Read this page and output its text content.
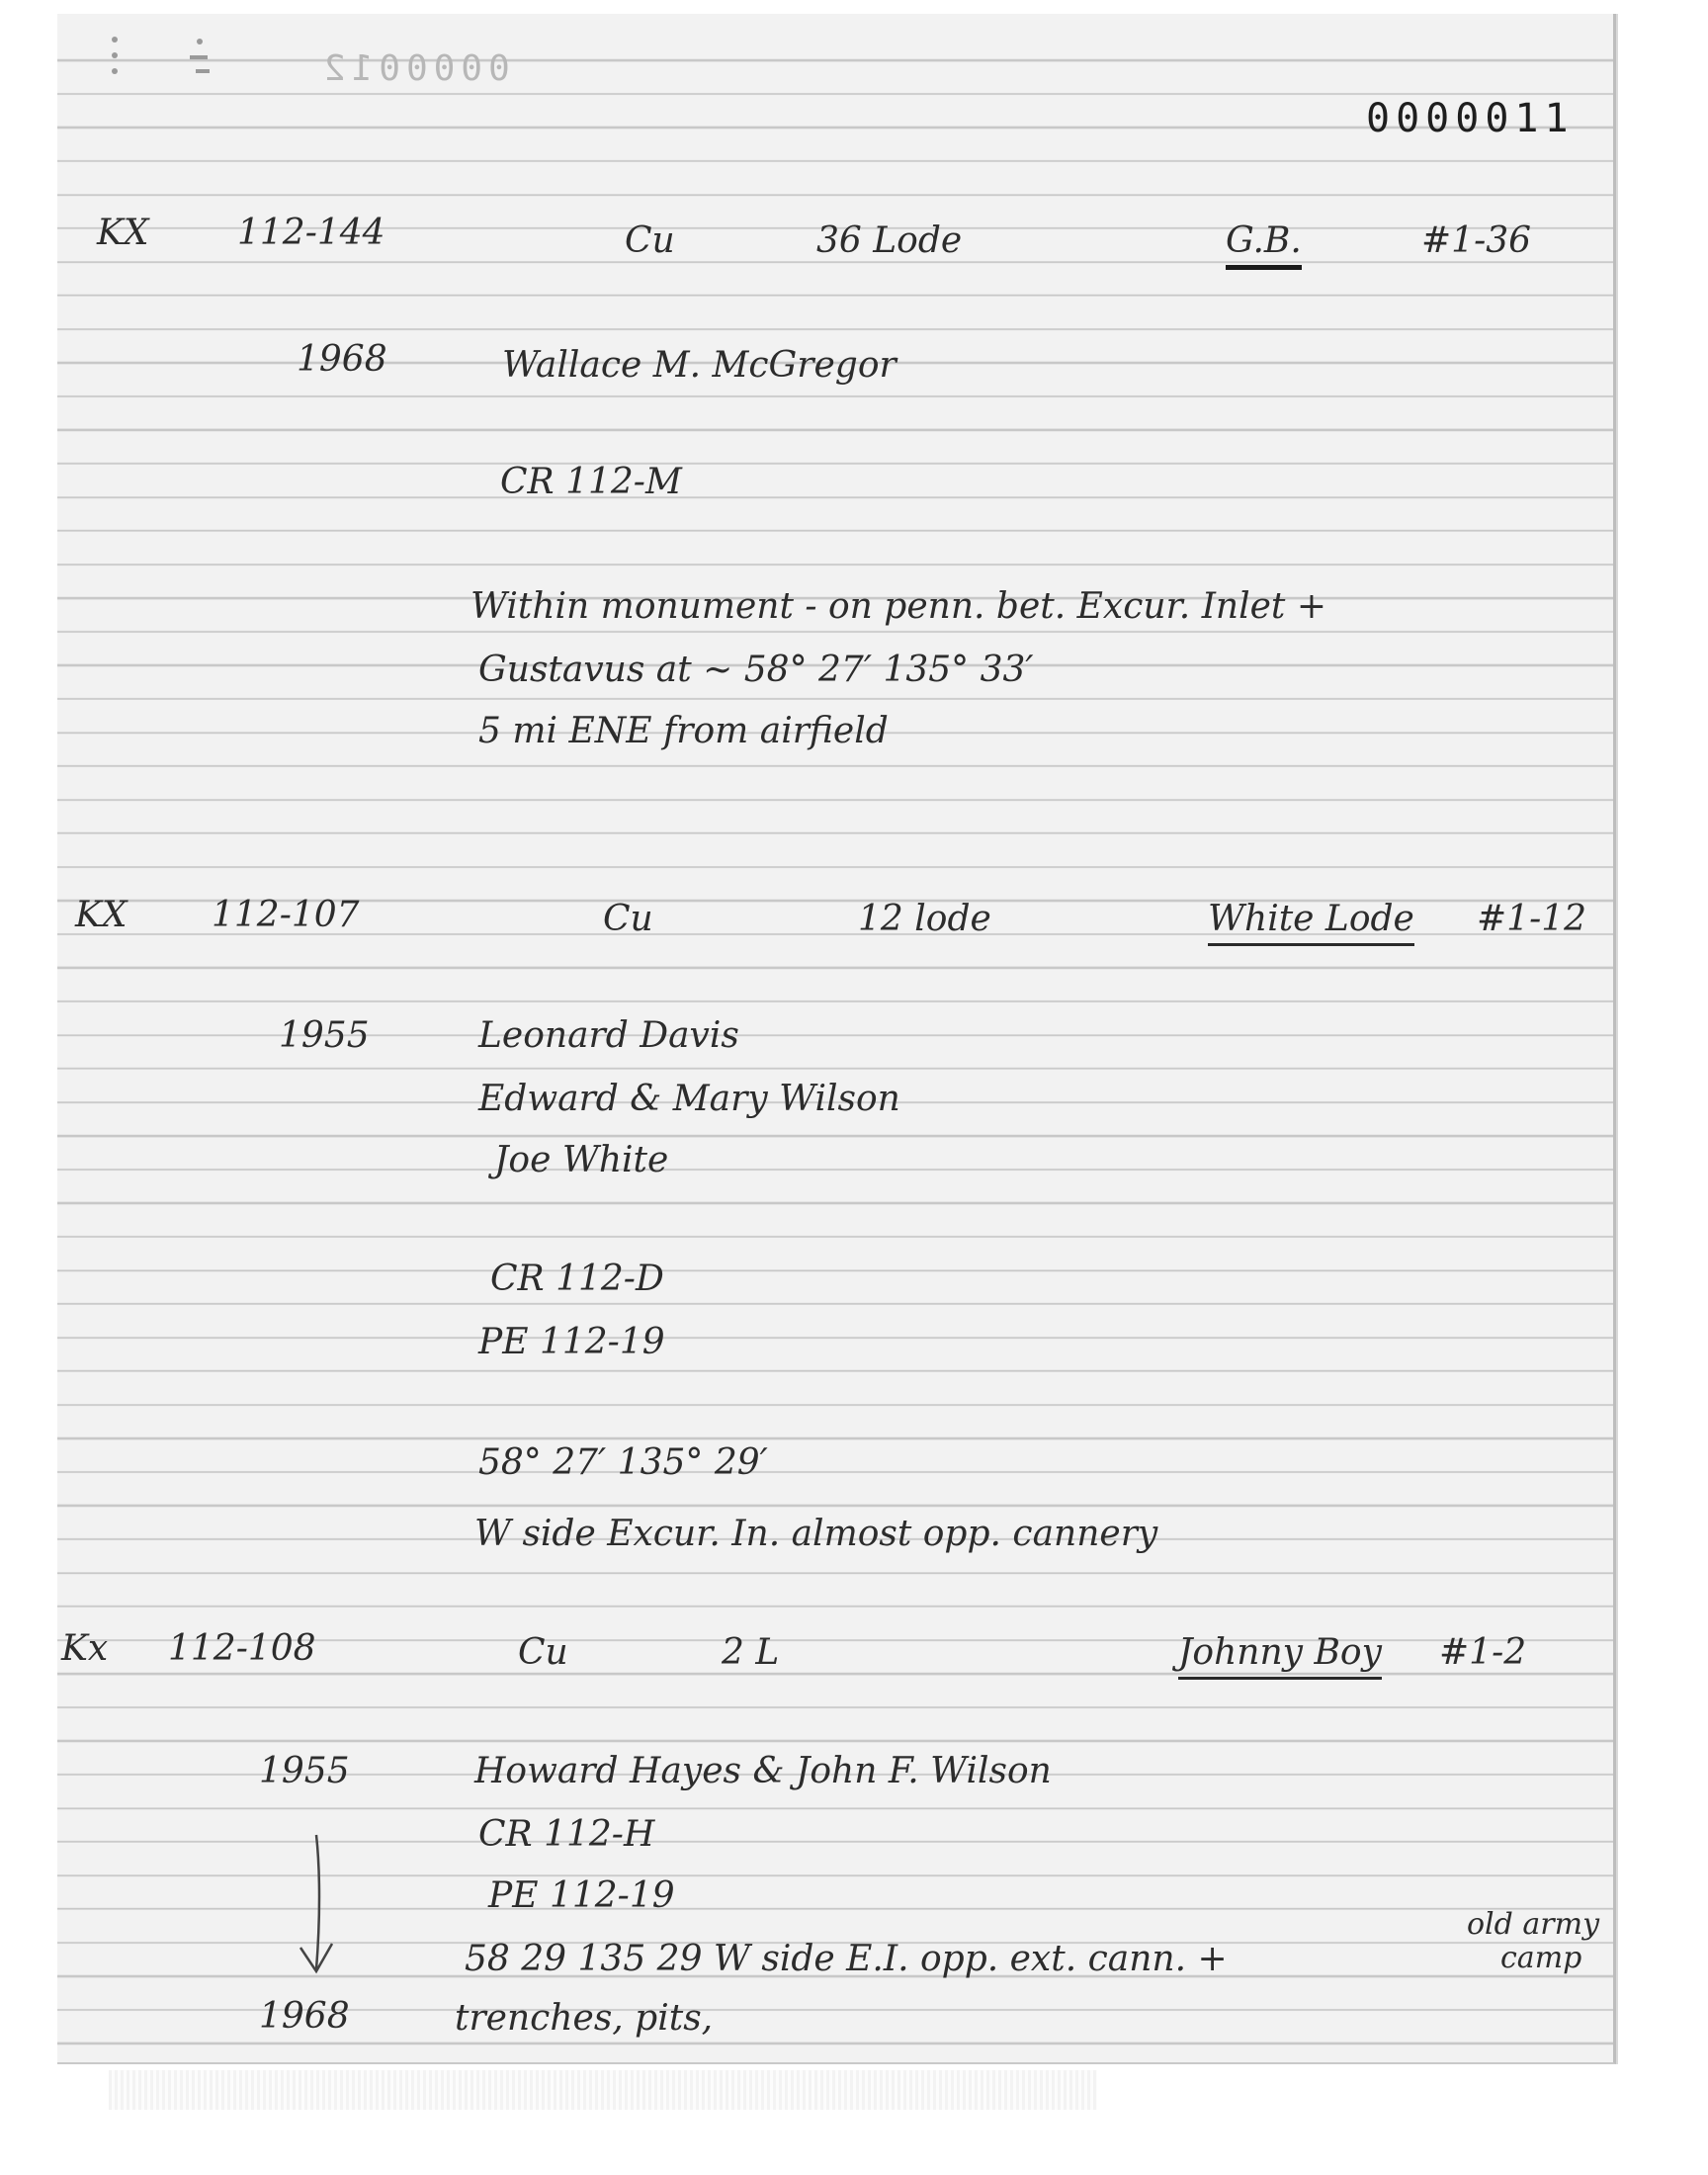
0000012
0000011
KX 112-144	Cu	36 Lode	G.B.	#1-36
1968	Wallace M. McGregor
CR 112-M
Within monument - on penn. bet. Excur. Inlet +
Gustavus at ~ 58° 27′ 135° 33′
5 mi ENE from airfield
KX 112-107	Cu	12 lode	White Lode #1-12
1955	Leonard Davis
Edward & Mary Wilson
Joe White
CR 112-D
PE 112-19
58° 27′ 135° 29′
W side Excur. In. almost opp. cannery
Kx 112-108	Cu	2 L	Johnny Boy #1-2
1955	Howard Hayes & John F. Wilson
CR 112-H
PE 112-19
old army
58 29 135 29 W side E.I. opp. ext. cann. +	camp
1968	trenches, pits,
